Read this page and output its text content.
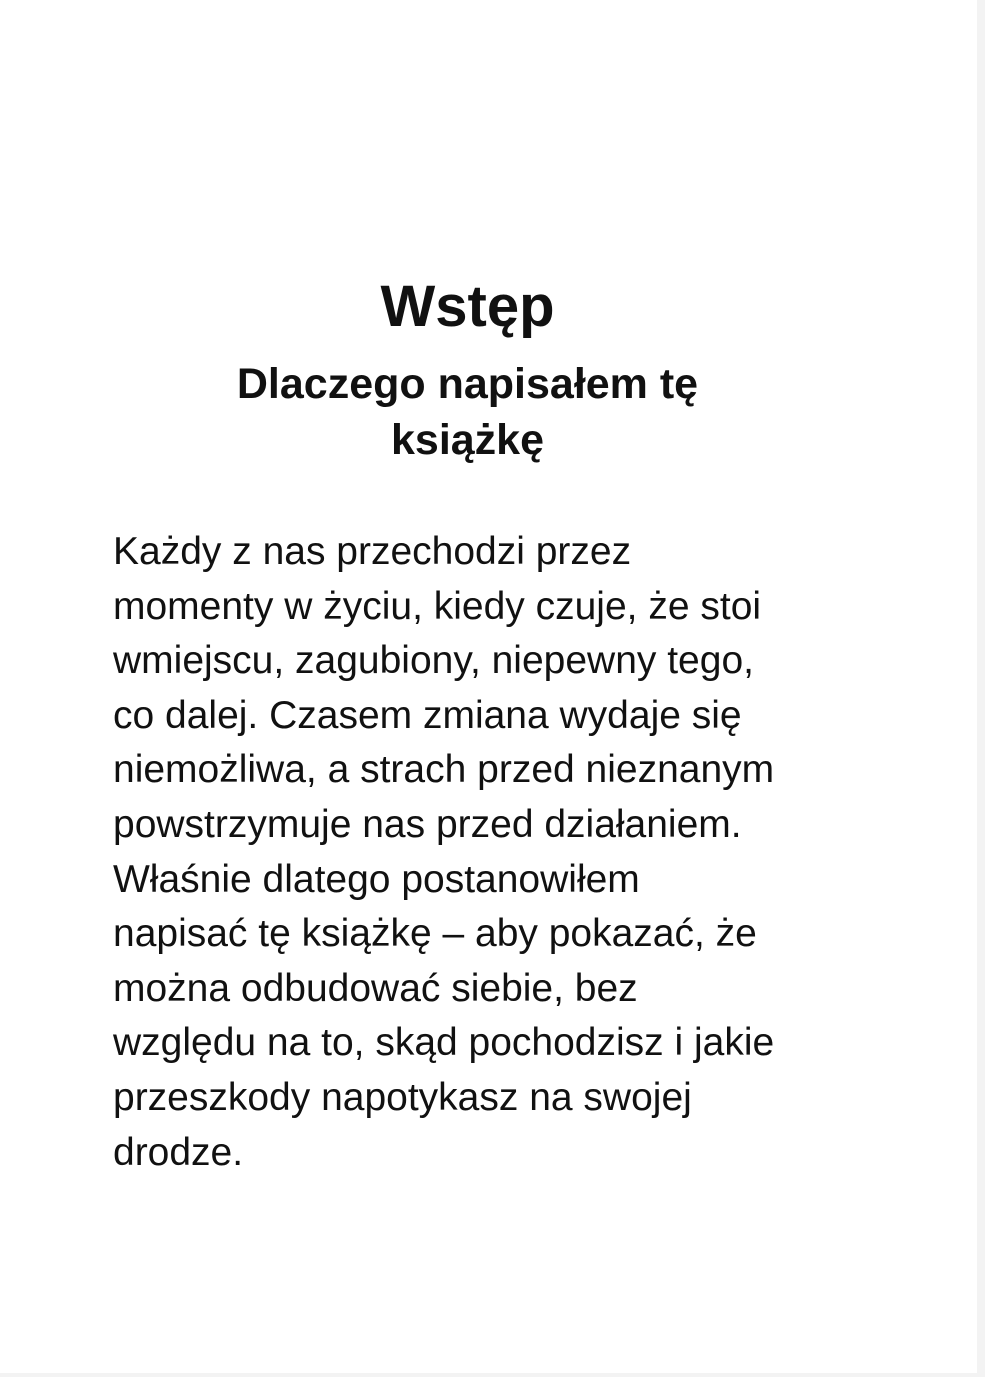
Wstęp
Dlaczego napisałem tę książkę

Każdy z nas przechodzi przez
momenty w życiu, kiedy czuje, że stoi
wmiejscu, zagubiony, niepewny tego,
co dalej. Czasem zmiana wydaje się
niemożliwa, a strach przed nieznanym
powstrzymuje nas przed działaniem.
Właśnie dlatego postanowiłem
napisać tę książkę – aby pokazać, że
można odbudować siebie, bez
względu na to, skąd pochodzisz i jakie
przeszkody napotykasz na swojej
drodze.
